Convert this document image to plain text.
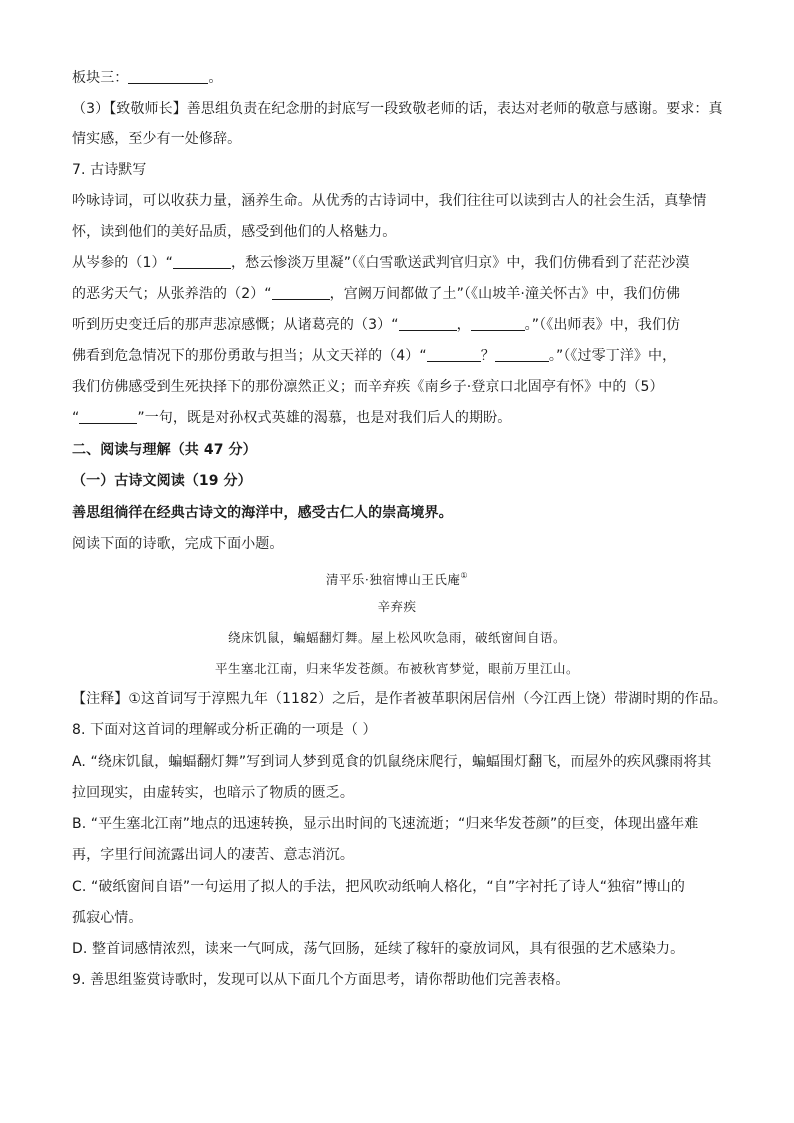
板块三：	。
（3）【致敬师长】善思组负责在纪念册的封底写一段致敬老师的话，表达对老师的敬意与感谢。要求：真
情实感，至少有一处修辞。
7. 古诗默写
吟咏诗词，可以收获力量，涵养生命。从优秀的古诗词中，我们往往可以读到古人的社会生活，真挚情
怀，读到他们的美好品质，感受到他们的人格魅力。
从岑参的（1）“	，愁云惨淡万里凝”（《白雪歌送武判官归京》中，我们仿佛看到了茫茫沙漠
的恶劣天气；从张养浩的（2）“	，宫阙万间都做了土”（《山坡羊·潼关怀古》中，我们仿佛
听到历史变迁后的那声悲凉感慨；从诸葛亮的（3）“	，	。”（《出师表》中，我们仿
佛看到危急情况下的那份勇敢与担当；从文天祥的（4）“	？	。”（《过零丁洋》中，
我们仿佛感受到生死抉择下的那份凛然正义；而辛弃疾《南乡子·登京口北固亭有怀》中的（5）
“	”一句，既是对孙权式英雄的渴慕，也是对我们后人的期盼。
二、阅读与理解（共 47 分）
（一）古诗文阅读（19 分）
善思组徜徉在经典古诗文的海洋中，感受古仁人的崇高境界。
阅读下面的诗歌，完成下面小题。
清平乐·独宿博山王氏庵①
辛弃疾
绕床饥鼠，蝙蝠翻灯舞。屋上松风吹急雨，破纸窗间自语。
平生塞北江南，归来华发苍颜。布被秋宵梦觉，眼前万里江山。
【注释】①这首词写于淳熙九年（1182）之后，是作者被革职闲居信州（今江西上饶）带湖时期的作品。
8. 下面对这首词的理解或分析正确的一项是（ ）
A. “绕床饥鼠，蝙蝠翻灯舞”写到词人梦到觅食的饥鼠绕床爬行，蝙蝠围灯翻飞，而屋外的疾风骤雨将其
拉回现实，由虚转实，也暗示了物质的匮乏。
B. “平生塞北江南”地点的迅速转换，显示出时间的飞速流逝；“归来华发苍颜”的巨变，体现出盛年难
再，字里行间流露出词人的凄苦、意志消沉。
C. “破纸窗间自语”一句运用了拟人的手法，把风吹动纸响人格化，“自”字衬托了诗人“独宿”博山的
孤寂心情。
D. 整首词感情浓烈，读来一气呵成，荡气回肠，延续了稼轩的豪放词风，具有很强的艺术感染力。
9. 善思组鉴赏诗歌时，发现可以从下面几个方面思考，请你帮助他们完善表格。
